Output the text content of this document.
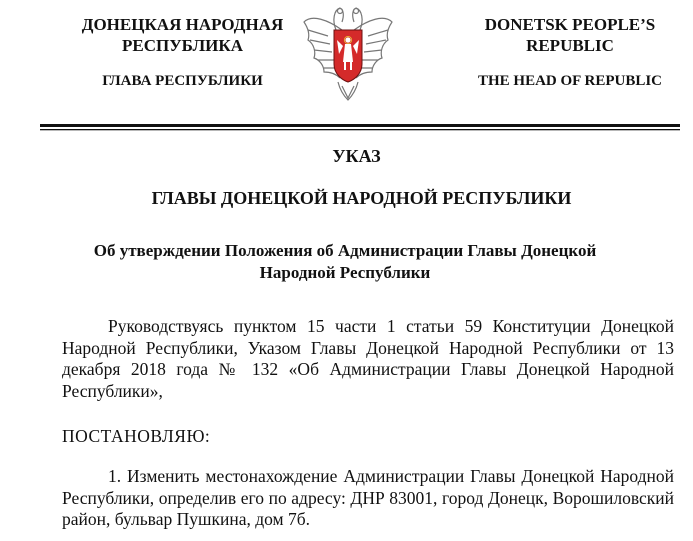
ДОНЕЦКАЯ НАРОДНАЯ
РЕСПУБЛИКА
ГЛАВА РЕСПУБЛИКИ
DONETSK PEOPLE’S
REPUBLIC
THE HEAD OF REPUBLIC
УКАЗ
ГЛАВЫ ДОНЕЦКОЙ НАРОДНОЙ РЕСПУБЛИКИ
Об утверждении Положения об Администрации Главы Донецкой
Народной Республики
Руководствуясь пунктом 15 части 1 статьи 59 Конституции Донецкой Народной Республики, Указом Главы Донецкой Народной Республики от 13 декабря 2018 года № 132 «Об Администрации Главы Донецкой Народной Республики»,
ПОСТАНОВЛЯЮ:
1. Изменить местонахождение Администрации Главы Донецкой Народной Республики, определив его по адресу: ДНР 83001, город Донецк, Ворошиловский район, бульвар Пушкина, дом 7б.
